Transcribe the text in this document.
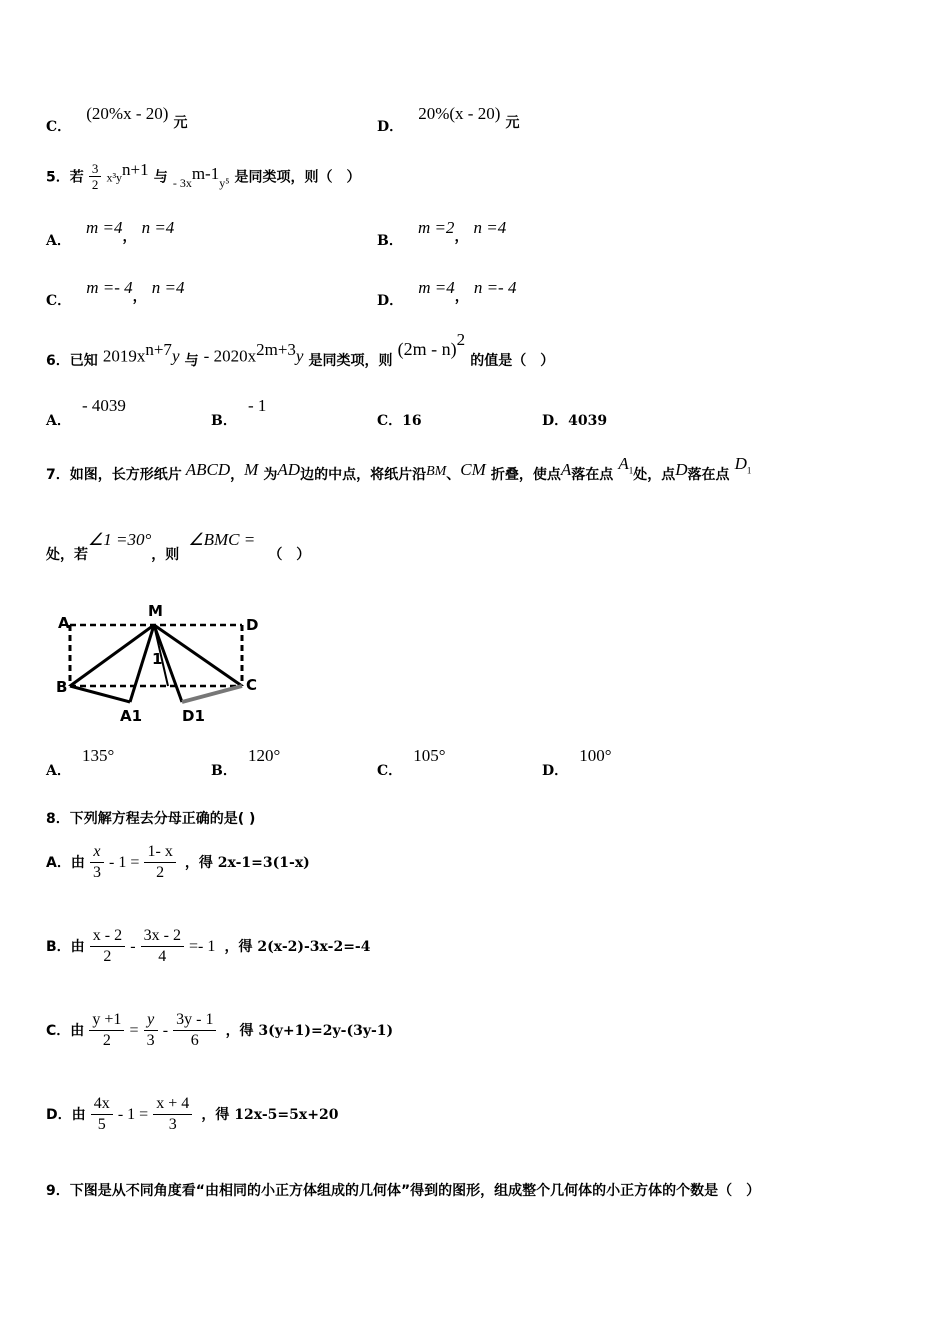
C． (20%x - 20) 元	D． 20%(x - 20) 元
5．若 $\frac{3}{2} x^3y^{n+1}$ 与 $_{- 3x}^{m-1}_{y^5}$ 是同类项，则（　）
A． m =4， n =4
B． m =2， n =4
C． m =- 4， n =4
D． m =4， n =- 4
6．已知 $2019x^{n+7}y$ 与 - $2020x^{2m+3}y$ 是同类项，则 (2m - n)$^2$ 的值是（　）
A． - 4039
B． - 1
C．16	D．4039
7．如图，长方形纸片 ABCD，M 为AD边的中点，将纸片沿BM、CM 折叠，使点A落在点 $A_1$处，点D落在点 $D_1$
处，若∠1 =30°，则 ∠BMC = （　）
A
M
D
1
B	C
A1	D1
A． 135°
B． 120°
C． 105°
D． 100°
8．下列解方程去分母正确的是( )
A．由 $\frac{x}{3} - 1 = \frac{1- x}{2}$ ，得 2x-1=3(1-x)
B．由 $\frac{x - 2}{2} - \frac{3x - 2}{4} =- 1$ ，得 2(x-2)-3x-2=-4
C．由 $\frac{y +1}{2} = \frac{y}{3} - \frac{3y - 1}{6}$ ，得 3(y+1)=2y-(3y-1)
D．由 $\frac{4x}{5} - 1 = \frac{x + 4}{3}$ ，得 12x-5=5x+20
9．下图是从不同角度看“由相同的小正方体组成的几何体”得到的图形，组成整个几何体的小正方体的个数是（　）
